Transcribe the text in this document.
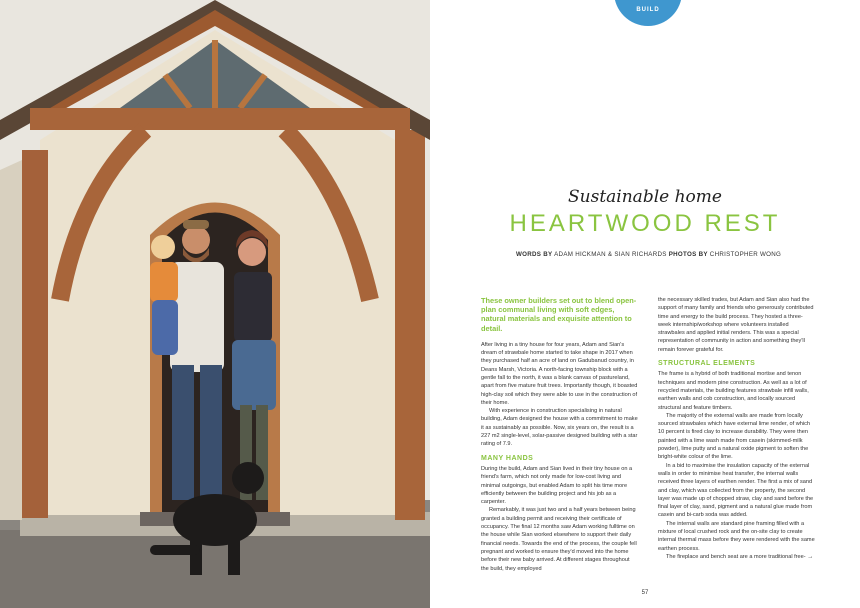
BUILD
Sustainable home
HEARTWOOD REST
WORDS BY ADAM HICKMAN & SIAN RICHARDS PHOTOS BY CHRISTOPHER WONG
These owner builders set out to blend open-plan communal living with soft edges, natural materials and exquisite attention to detail.

After living in a tiny house for four years, Adam and Sian's dream of strawbale home started to take shape in 2017 when they purchased half an acre of land on Gadubanud country, in Deans Marsh, Victoria. A north-facing township block with a gentle fall to the north, it was a blank canvas of pastureland, apart from five mature fruit trees. Importantly though, it boasted high-clay soil which they were able to use in the construction of their home.

With experience in construction specialising in natural building, Adam designed the house with a commitment to make it as sustainably as possible. Now, six years on, the result is a 227 m2 single-level, solar-passive designed building with a star rating of 7.9.

MANY HANDS

During the build, Adam and Sian lived in their tiny house on a friend's farm, which not only made for low-cost living and minimal outgoings, but enabled Adam to split his time more efficiently between the building project and his job as a carpenter.

Remarkably, it was just two and a half years between being granted a building permit and receiving their certificate of occupancy. The final 12 months saw Adam working fulltime on the house while Sian worked elsewhere to support their daily financial needs. Towards the end of the process, the couple fell pregnant and worked to ensure they'd moved into the home before their new baby arrived. At different stages throughout the build, they employed

the necessary skilled trades, but Adam and Sian also had the support of many family and friends who generously contributed time and energy to the build process. They hosted a three-week internship/workshop where volunteers installed strawbales and applied initial renders. This was a special representation of community in action and something they'll remain forever grateful for.

STRUCTURAL ELEMENTS

The frame is a hybrid of both traditional mortise and tenon techniques and modern pine construction. As well as a lot of recycled materials, the building features strawbale infill walls, earthen walls and cob construction, and locally sourced structural and feature timbers.

The majority of the external walls are made from locally sourced strawbales which have external lime render, of which 10 percent is fired clay to increase durability. They were then painted with a lime wash made from casein (skimmed-milk powder), lime putty and a natural oxide pigment to soften the bright-white colour of the lime.

In a bid to maximise the insulation capacity of the external walls in order to minimise heat transfer, the internal walls received three layers of earthen render. The first a mix of sand and clay, which was collected from the property, the second layer was made up of chopped straw, clay and sand before the final layer of clay, sand, pigment and a natural glue made from casein and bi-carb soda was added.

The internal walls are standard pine framing filled with a mixture of local crushed rock and the on-site clay to create internal thermal mass before they were rendered with the same earthen process.

The fireplace and bench seat are a more traditional free- →

57
